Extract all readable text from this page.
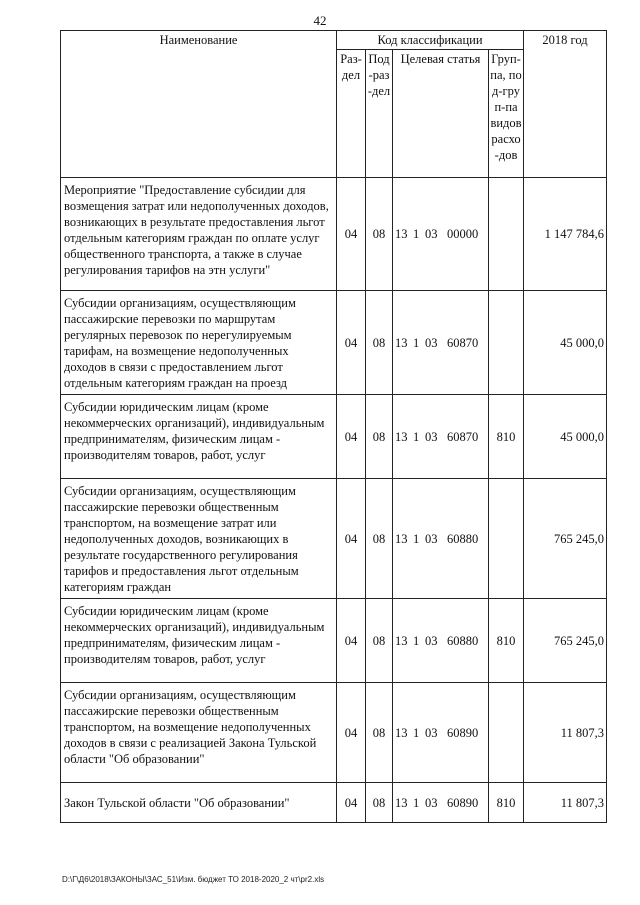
42
Наименование	Код классификации				2018 год
	Раз-дел	Под-раз-дел	Целевая статья	Груп-па, под-груп-па видов расхо-дов	
Мероприятие "Предоставление субсидии для возмещения затрат или недополученных доходов, возникающих в результате предоставления льгот отдельным категориям граждан по оплате услуг общественного транспорта, а также в случае регулирования тарифов на этн услуги"	04	08	13 1 03 00000		1 147 784,6
Субсидии организациям, осуществляющим пассажирские перевозки по маршрутам регулярных перевозок по нерегулируемым тарифам, на возмещение недополученных доходов в связи с предоставлением льгот отдельным категориям граждан на проезд	04	08	13 1 03 60870		45 000,0
Субсидии юридическим лицам (кроме некоммерческих организаций), индивидуальным предпринимателям, физическим лицам - производителям товаров, работ, услуг	04	08	13 1 03 60870	810	45 000,0
Субсидии организациям, осуществляющим пассажирские перевозки общественным транспортом, на возмещение затрат или недополученных доходов, возникающих в результате государственного регулирования тарифов и предоставления льгот отдельным категориям граждан	04	08	13 1 03 60880		765 245,0
Субсидии юридическим лицам (кроме некоммерческих организаций), индивидуальным предпринимателям, физическим лицам - производителям товаров, работ, услуг	04	08	13 1 03 60880	810	765 245,0
Субсидии организациям, осуществляющим пассажирские перевозки общественным транспортом, на возмещение недополученных доходов в связи с реализацией Закона Тульской области "Об образовании"	04	08	13 1 03 60890		11 807,3
Закон Тульской области "Об образовании"	04	08	13 1 03 60890	810	11 807,3
D:\Г\Д6\2018\ЗАКОНЫ\ЗАС_51\Изм. бюджет ТО 2018-2020_2 чт\pr2.xls
